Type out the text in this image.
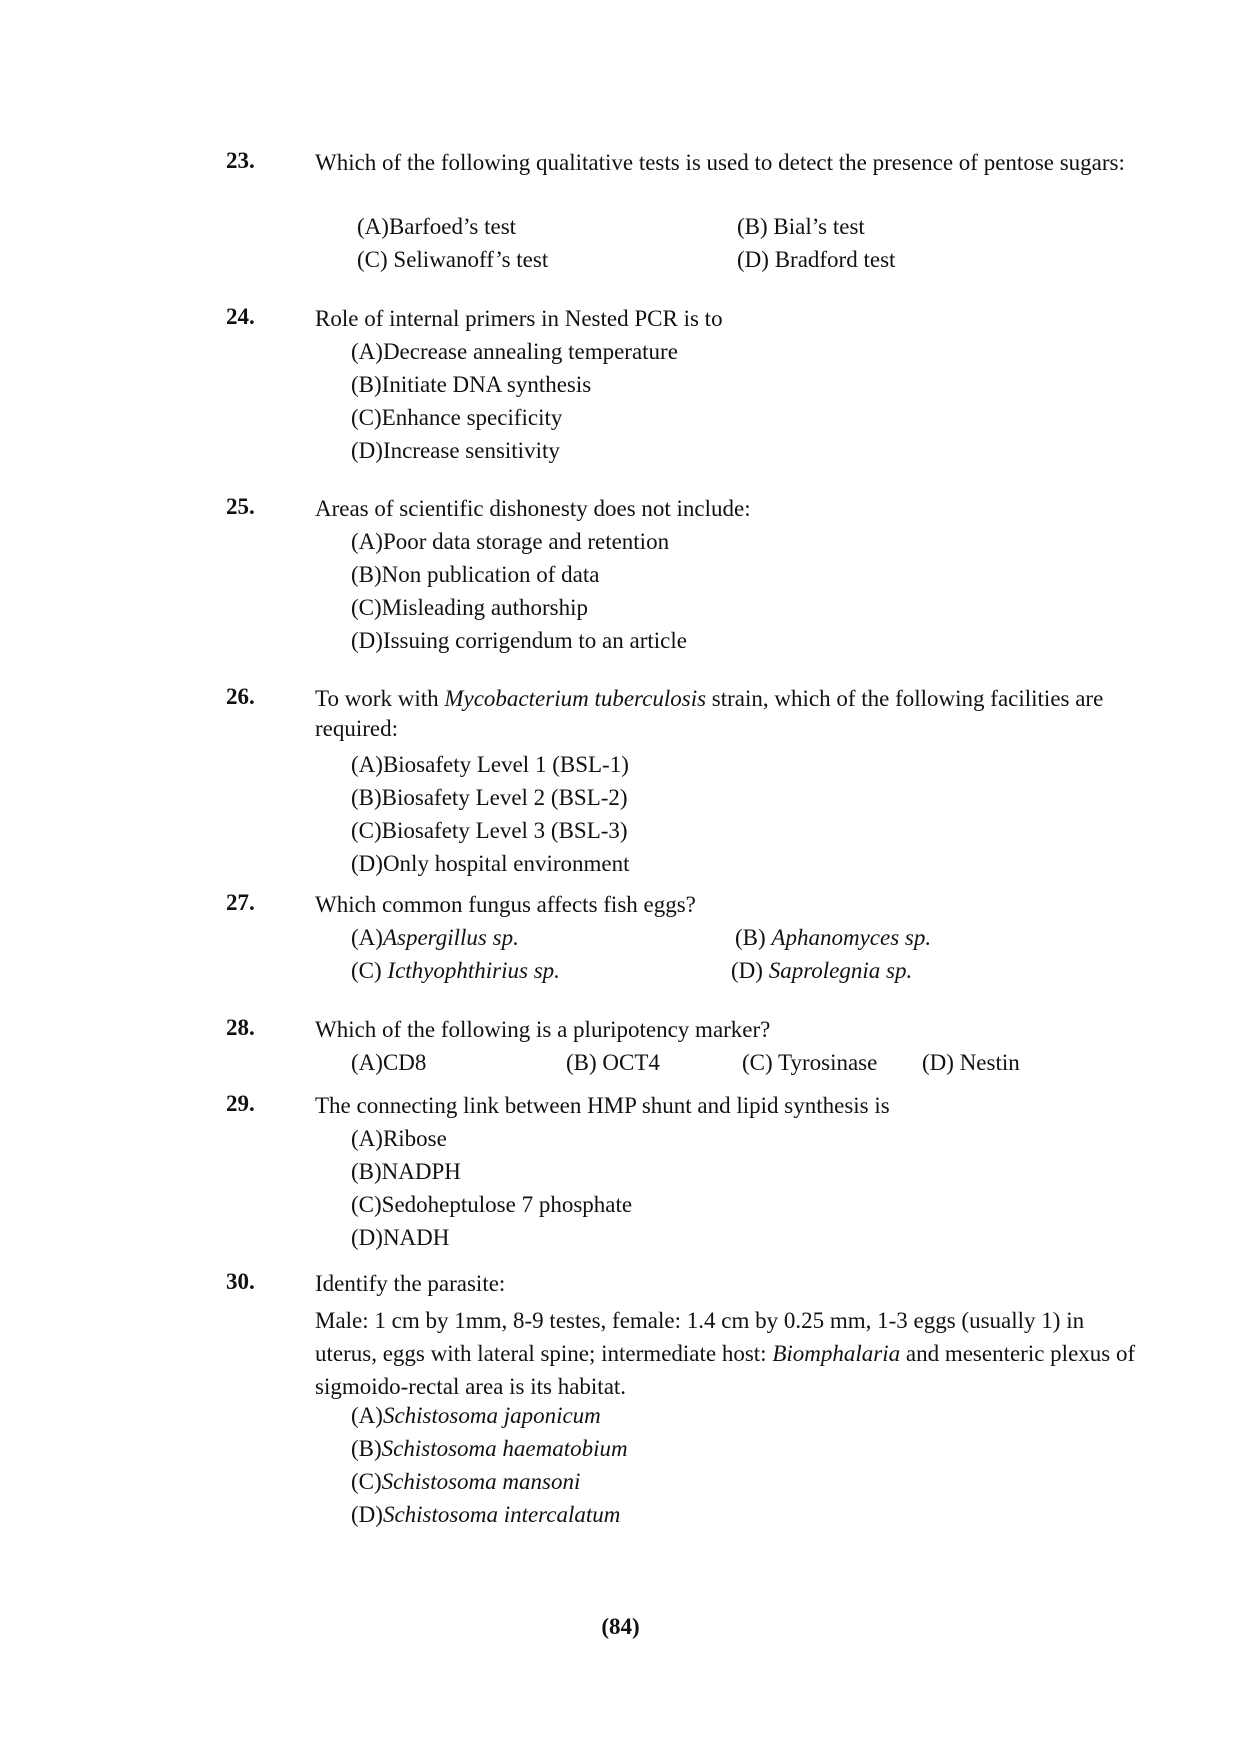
23.	Which of the following qualitative tests is used to detect the presence of pentose sugars:
(A)Barfoed’s test	(B) Bial’s test
(C) Seliwanoff’s test	(D) Bradford test
24.	Role of internal primers in Nested PCR is to
(A)Decrease annealing temperature
(B)Initiate DNA synthesis
(C)Enhance specificity
(D)Increase sensitivity
25.	Areas of scientific dishonesty does not include:
(A)Poor data storage and retention
(B)Non publication of data
(C)Misleading authorship
(D)Issuing corrigendum to an article
26.	To work with Mycobacterium tuberculosis strain, which of the following facilities are required:
(A)Biosafety Level 1 (BSL-1)
(B)Biosafety Level 2 (BSL-2)
(C)Biosafety Level 3 (BSL-3)
(D)Only hospital environment
27.	Which common fungus affects fish eggs?
(A)Aspergillus sp.	(B) Aphanomyces sp.
(C) Icthyophthirius sp.	(D) Saprolegnia sp.
28.	Which of the following is a pluripotency marker?
(A)CD8	(B) OCT4	(C) Tyrosinase (D) Nestin
29.	The connecting link between HMP shunt and lipid synthesis is
(A)Ribose
(B)NADPH
(C)Sedoheptulose 7 phosphate
(D)NADH
30.	Identify the parasite:
Male: 1 cm by 1mm, 8-9 testes, female: 1.4 cm by 0.25 mm, 1-3 eggs (usually 1) in uterus, eggs with lateral spine; intermediate host: Biomphalaria and mesenteric plexus of sigmoido-rectal area is its habitat.
(A)Schistosoma japonicum
(B)Schistosoma haematobium
(C)Schistosoma mansoni
(D)Schistosoma intercalatum
(84)
